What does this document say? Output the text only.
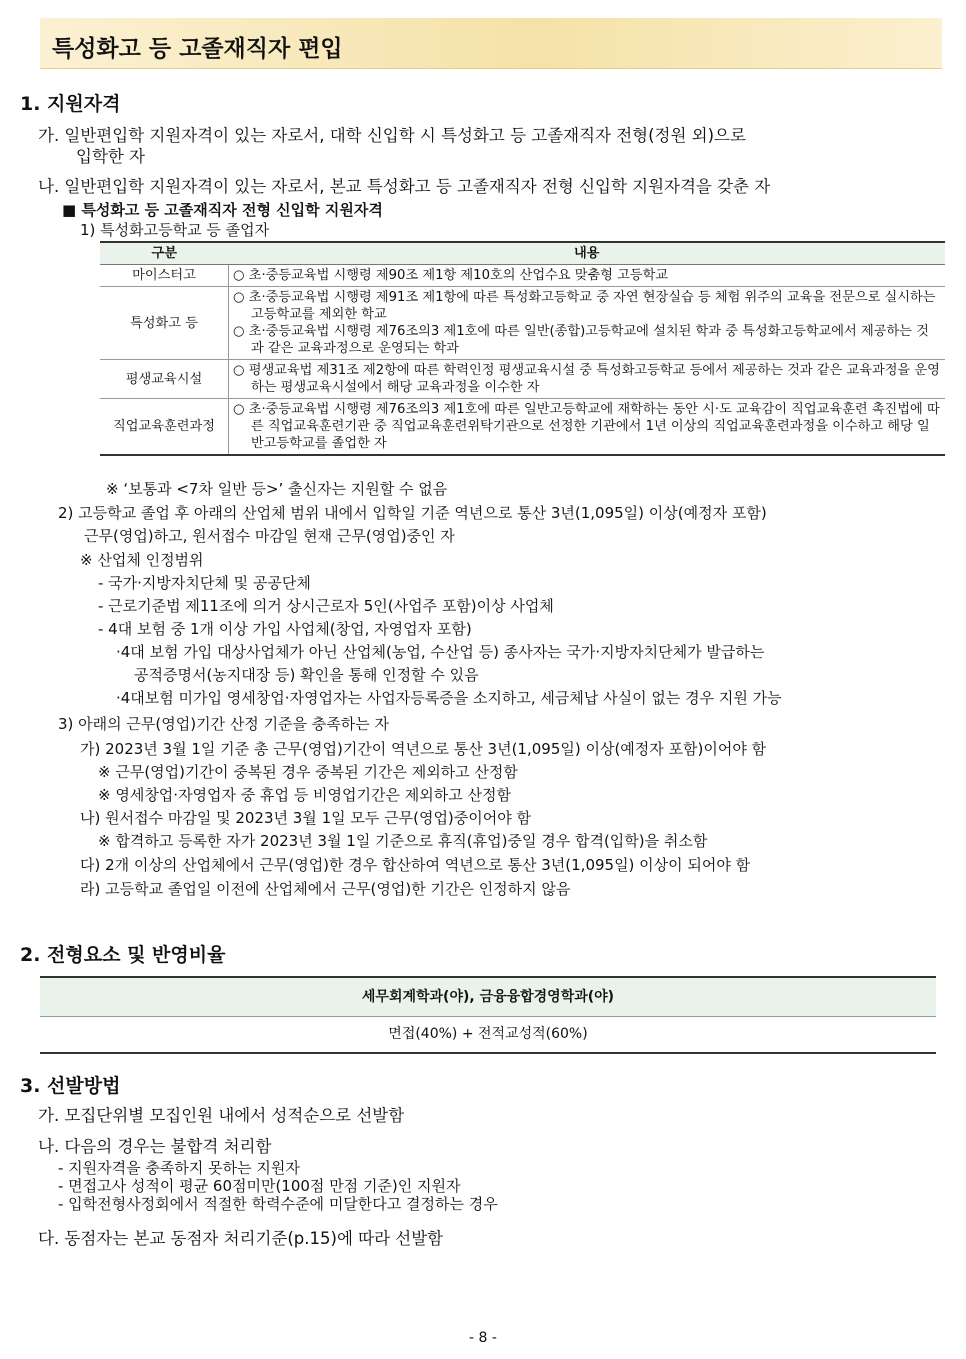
특성화고 등 고졸재직자 편입
1. 지원자격
가. 일반편입학 지원자격이 있는 자로서, 대학 신입학 시 특성화고 등 고졸재직자 전형(정원 외)으로
입학한 자
나. 일반편입학 지원자격이 있는 자로서, 본교 특성화고 등 고졸재직자 전형 신입학 지원자격을 갖춘 자
■ 특성화고 등 고졸재직자 전형 신입학 지원자격
1) 특성화고등학교 등 졸업자
구분	내용
마이스터고	○ 초·중등교육법 시행령 제90조 제1항 제10호의 산업수요 맞춤형 고등학교

특성화고 등	○ 초·중등교육법 시행령 제91조 제1항에 따른 특성화고등학교 중 자연 현장실습 등 체험 위주의 교육을 전문으로 실시하는 고등학교를 제외한 학교
○ 초·중등교육법 시행령 제76조의3 제1호에 따른 일반(종합)고등학교에 설치된 학과 중 특성화고등학교에서 제공하는 것과 같은 교육과정으로 운영되는 학과

평생교육시설	○ 평생교육법 제31조 제2항에 따른 학력인정 평생교육시설 중 특성화고등학교 등에서 제공하는 것과 같은 교육과정을 운영하는 평생교육시설에서 해당 교육과정을 이수한 자

직업교육훈련과정	○ 초·중등교육법 시행령 제76조의3 제1호에 따른 일반고등학교에 재학하는 동안 시·도 교육감이 직업교육훈련 촉진법에 따른 직업교육훈련기관 중 직업교육훈련위탁기관으로 선정한 기관에서 1년 이상의 직업교육훈련과정을 이수하고 해당 일반고등학교를 졸업한 자
※ ‘보통과 <7차 일반 등>’ 출신자는 지원할 수 없음
2) 고등학교 졸업 후 아래의 산업체 범위 내에서 입학일 기준 역년으로 통산 3년(1,095일) 이상(예정자 포함)
근무(영업)하고, 원서접수 마감일 현재 근무(영업)중인 자
※ 산업체 인정범위
- 국가·지방자치단체 및 공공단체
- 근로기준법 제11조에 의거 상시근로자 5인(사업주 포함)이상 사업체
- 4대 보험 중 1개 이상 가입 사업체(창업, 자영업자 포함)
·4대 보험 가입 대상사업체가 아닌 산업체(농업, 수산업 등) 종사자는 국가·지방자치단체가 발급하는
공적증명서(농지대장 등) 확인을 통해 인정할 수 있음
·4대보험 미가입 영세창업·자영업자는 사업자등록증을 소지하고, 세금체납 사실이 없는 경우 지원 가능
3) 아래의 근무(영업)기간 산정 기준을 충족하는 자
가) 2023년 3월 1일 기준 총 근무(영업)기간이 역년으로 통산 3년(1,095일) 이상(예정자 포함)이어야 함
※ 근무(영업)기간이 중복된 경우 중복된 기간은 제외하고 산정함
※ 영세창업·자영업자 중 휴업 등 비영업기간은 제외하고 산정함
나) 원서접수 마감일 및 2023년 3월 1일 모두 근무(영업)중이어야 함
※ 합격하고 등록한 자가 2023년 3월 1일 기준으로 휴직(휴업)중일 경우 합격(입학)을 취소함
다) 2개 이상의 산업체에서 근무(영업)한 경우 합산하여 역년으로 통산 3년(1,095일) 이상이 되어야 함
라) 고등학교 졸업일 이전에 산업체에서 근무(영업)한 기간은 인정하지 않음
2. 전형요소 및 반영비율
세무회계학과(야), 금융융합경영학과(야)
면접(40%) + 전적교성적(60%)
3. 선발방법
가. 모집단위별 모집인원 내에서 성적순으로 선발함
나. 다음의 경우는 불합격 처리함
- 지원자격을 충족하지 못하는 지원자
- 면접고사 성적이 평균 60점미만(100점 만점 기준)인 지원자
- 입학전형사정회에서 적절한 학력수준에 미달한다고 결정하는 경우
다. 동점자는 본교 동점자 처리기준(p.15)에 따라 선발함
- 8 -
